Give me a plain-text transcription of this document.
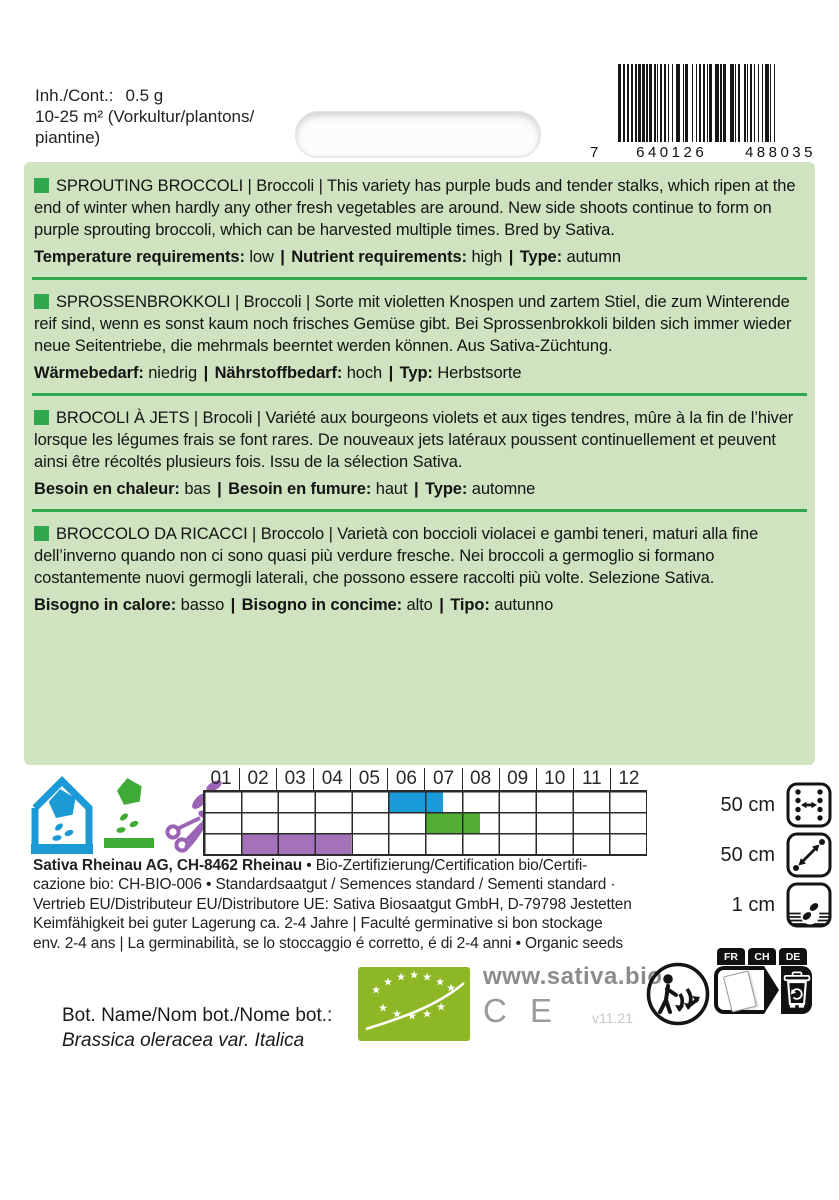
Inh./Cont.: 0.5 g
10-25 m² (Vorkultur/plantons/
piantine)
7	640126	488035

SPROUTING BROCCOLI | Broccoli | This variety has purple buds and tender stalks, which ripen at the end of winter when hardly any other fresh vegetables are around. New side shoots continue to form on purple sprouting broccoli, which can be harvested multiple times. Bred by Sativa.

Temperature requirements: low | Nutrient requirements: high | Type: autumn

SPROSSENBROKKOLI | Broccoli | Sorte mit violetten Knospen und zartem Stiel, die zum Winterende reif sind, wenn es sonst kaum noch frisches Gemüse gibt. Bei Sprossenbrokkoli bilden sich immer wieder neue Seitentriebe, die mehrmals beerntet werden können. Aus Sativa-Züchtung.

Wärmebedarf: niedrig | Nährstoffbedarf: hoch | Typ: Herbstsorte

BROCOLI À JETS | Brocoli | Variété aux bourgeons violets et aux tiges tendres, mûre à la fin de l’hiver lorsque les légumes frais se font rares. De nouveaux jets latéraux poussent continuellement et peuvent ainsi être récoltés plusieurs fois. Issu de la sélection Sativa.

Besoin en chaleur: bas | Besoin en fumure: haut | Type: automne

BROCCOLO DA RICACCI | Broccolo | Varietà con boccioli violacei e gambi teneri, maturi alla fine dell’inverno quando non ci sono quasi più verdure fresche. Nei broccoli a germoglio si formano costantemente nuovi germogli laterali, che possono essere raccolti più volte. Selezione Sativa.

Bisogno in calore: basso | Bisogno in concime: alto | Tipo: autunno

01 02 03 04 05 06 07 08 09 10 11 12
50 cm
50 cm
1 cm
Sativa Rheinau AG, CH-8462 Rheinau • Bio-Zertifizierung/Certification bio/Certifi-
cazione bio: CH-BIO-006 • Standardsaatgut / Semences standard / Sementi standard ·
Vertrieb EU/Distributeur EU/Distributore UE: Sativa Biosaatgut GmbH, D-79798 Jestetten
Keimfähigkeit bei guter Lagerung ca. 2-4 Jahre | Faculté germinative si bon stockage
env. 2-4 ans | La germinabilità, se lo stoccaggio é corretto, é di 2-4 anni • Organic seeds
Bot. Name/Nom bot./Nome bot.:
Brassica oleracea var. Italica
★
★ ★ ★ ★ ★ ★
★ ★ ★ ★
★
www.sativa.bio
C E v11.21
FR	CH	DE
